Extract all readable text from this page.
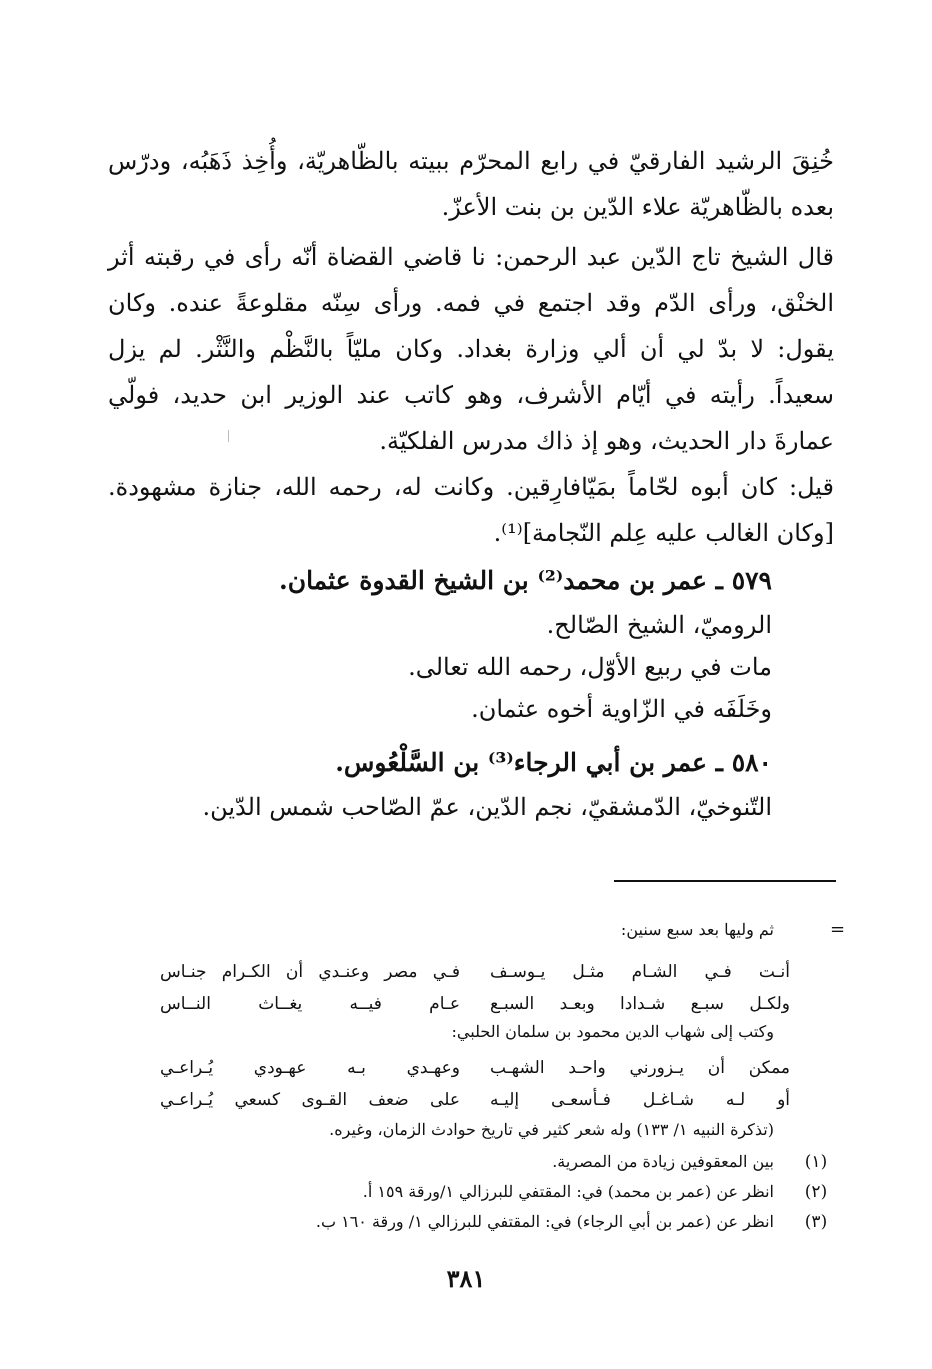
خُنِقَ الرشيد الفارقيّ في رابع المحرّم ببيته بالظّاهريّة، وأُخِذ ذَهَبُه، ودرّس بعده بالظّاهريّة علاء الدّين بن بنت الأعزّ.

قال الشيخ تاج الدّين عبد الرحمن: نا قاضي القضاة أنّه رأى في رقبته أثر الخنْق، ورأى الدّم وقد اجتمع في فمه. ورأى سِنّه مقلوعةً عنده. وكان يقول: لا بدّ لي أن ألي وزارة بغداد. وكان مليّاً بالنَّظْم والنَّثْر. لم يزل سعيداً. رأيته في أيّام الأشرف، وهو كاتب عند الوزير ابن حديد، فولّي عمارةَ دار الحديث، وهو إذ ذاك مدرس الفلكيّة.

قيل: كان أبوه لحّاماً بمَيّافارِقين. وكانت له، رحمه الله، جنازة مشهودة. [وكان الغالب عليه عِلم النّجامة]⁽¹⁾.

٥٧٩ ـ عمر بن محمد⁽²⁾ بن الشيخ القدوة عثمان.
الروميّ، الشيخ الصّالح.
مات في ربيع الأوّل، رحمه الله تعالى.
وخَلَفَه في الزّاوية أخوه عثمان.
٥٨٠ ـ عمر بن أبي الرجاء⁽³⁾ بن السَّلْعُوس.
التّنوخيّ، الدّمشقيّ، نجم الدّين، عمّ الصّاحب شمس الدّين.
=
ثم وليها بعد سبع سنين:
أنـت فـي الشـام مثـل يـوسـف
فـي مصر وعنـدي أن الكـرام جنـاس
ولكـل سبـع شـدادا وبعـد السبـع
عـام فيــه يغــاث النــاس
وكتب إلى شهاب الدين محمود بن سلمان الحلبي:
ممكن أن يـزورني واحـد الشهـب
وعهـدي بـه عهـودي يُـراعـي
أو لـه شـاغـل فـأسعـى إليـه
على ضعف القـوى كسعي يُـراعـي
(تذكرة النبيه ١/ ١٣٣) وله شعر كثير في تاريخ حوادث الزمان، وغيره.
(١)
بين المعقوفين زيادة من المصرية.
(٢)
انظر عن (عمر بن محمد) في: المقتفي للبرزالي ١/ورقة ١٥٩ أ.
(٣)
انظر عن (عمر بن أبي الرجاء) في: المقتفي للبرزالي ١/ ورقة ١٦٠ ب.
٣٨١
